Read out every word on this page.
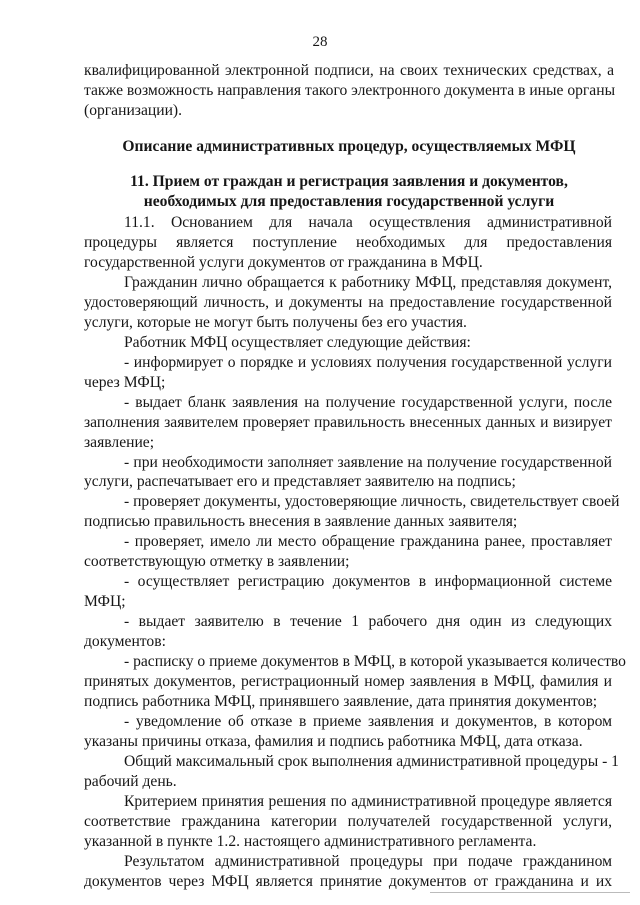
28
квалифицированной электронной подписи, на своих технических средствах, а
также возможность направления такого электронного документа в иные органы
(организации).
Описание административных процедур, осуществляемых МФЦ
11. Прием от граждан и регистрация заявления и документов,
необходимых для предоставления государственной услуги
11.1. Основанием для начала осуществления административной
процедуры является поступление необходимых для предоставления
государственной услуги документов от гражданина в МФЦ.
Гражданин лично обращается к работнику МФЦ, представляя документ,
удостоверяющий личность, и документы на предоставление государственной
услуги, которые не могут быть получены без его участия.
Работник МФЦ осуществляет следующие действия:
- информирует о порядке и условиях получения государственной услуги
через МФЦ;
- выдает бланк заявления на получение государственной услуги, после
заполнения заявителем проверяет правильность внесенных данных и визирует
заявление;
- при необходимости заполняет заявление на получение государственной
услуги, распечатывает его и представляет заявителю на подпись;
- проверяет документы, удостоверяющие личность, свидетельствует своей
подписью правильность внесения в заявление данных заявителя;
- проверяет, имело ли место обращение гражданина ранее, проставляет
соответствующую отметку в заявлении;
- осуществляет регистрацию документов в информационной системе
МФЦ;
- выдает заявителю в течение 1 рабочего дня один из следующих
документов:
- расписку о приеме документов в МФЦ, в которой указывается количество
принятых документов, регистрационный номер заявления в МФЦ, фамилия и
подпись работника МФЦ, принявшего заявление, дата принятия документов;
- уведомление об отказе в приеме заявления и документов, в котором
указаны причины отказа, фамилия и подпись работника МФЦ, дата отказа.
Общий максимальный срок выполнения административной процедуры - 1
рабочий день.
Критерием принятия решения по административной процедуре является
соответствие гражданина категории получателей государственной услуги,
указанной в пункте 1.2. настоящего административного регламента.
Результатом административной процедуры при подаче гражданином
документов через МФЦ является принятие документов от гражданина и их
